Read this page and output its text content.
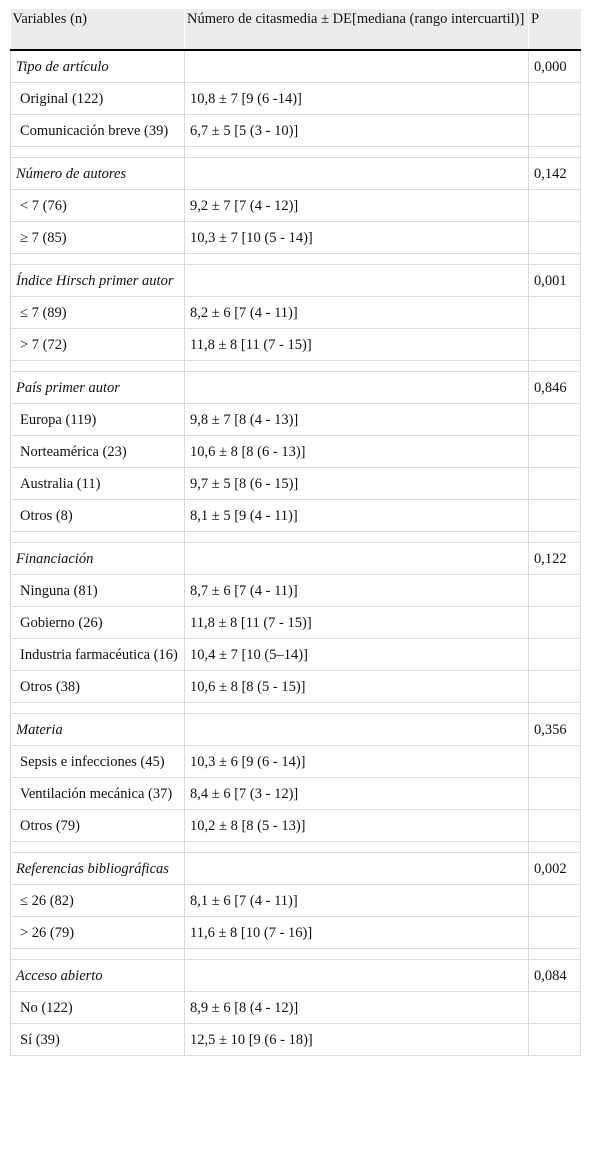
Variables (n)	Número de citasmedia ± DE[mediana (rango intercuartil)]	P
Tipo de artículo		0,000
Original (122)	10,8 ± 7 [9 (6 -14)]	
Comunicación breve (39)	6,7 ± 5 [5 (3 - 10)]	

Número de autores		0,142
< 7 (76)	9,2 ± 7 [7 (4 - 12)]	
≥ 7 (85)	10,3 ± 7 [10 (5 - 14)]	

Índice Hirsch primer autor		0,001
≤ 7 (89)	8,2 ± 6 [7 (4 - 11)]	
> 7 (72)	11,8 ± 8 [11 (7 - 15)]	

País primer autor		0,846
Europa (119)	9,8 ± 7 [8 (4 - 13)]	
Norteamérica (23)	10,6 ± 8 [8 (6 - 13)]	
Australia (11)	9,7 ± 5 [8 (6 - 15)]	
Otros (8)	8,1 ± 5 [9 (4 - 11)]	

Financiación		0,122
Ninguna (81)	8,7 ± 6 [7 (4 - 11)]	
Gobierno (26)	11,8 ± 8 [11 (7 - 15)]	
Industria farmacéutica (16)	10,4 ± 7 [10 (5–14)]	
Otros (38)	10,6 ± 8 [8 (5 - 15)]	

Materia		0,356
Sepsis e infecciones (45)	10,3 ± 6 [9 (6 - 14)]	
Ventilación mecánica (37)	8,4 ± 6 [7 (3 - 12)]	
Otros (79)	10,2 ± 8 [8 (5 - 13)]	

Referencias bibliográficas		0,002
≤ 26 (82)	8,1 ± 6 [7 (4 - 11)]	
> 26 (79)	11,6 ± 8 [10 (7 - 16)]	

Acceso abierto		0,084
No (122)	8,9 ± 6 [8 (4 - 12)]	
Sí (39)	12,5 ± 10 [9 (6 - 18)]	
